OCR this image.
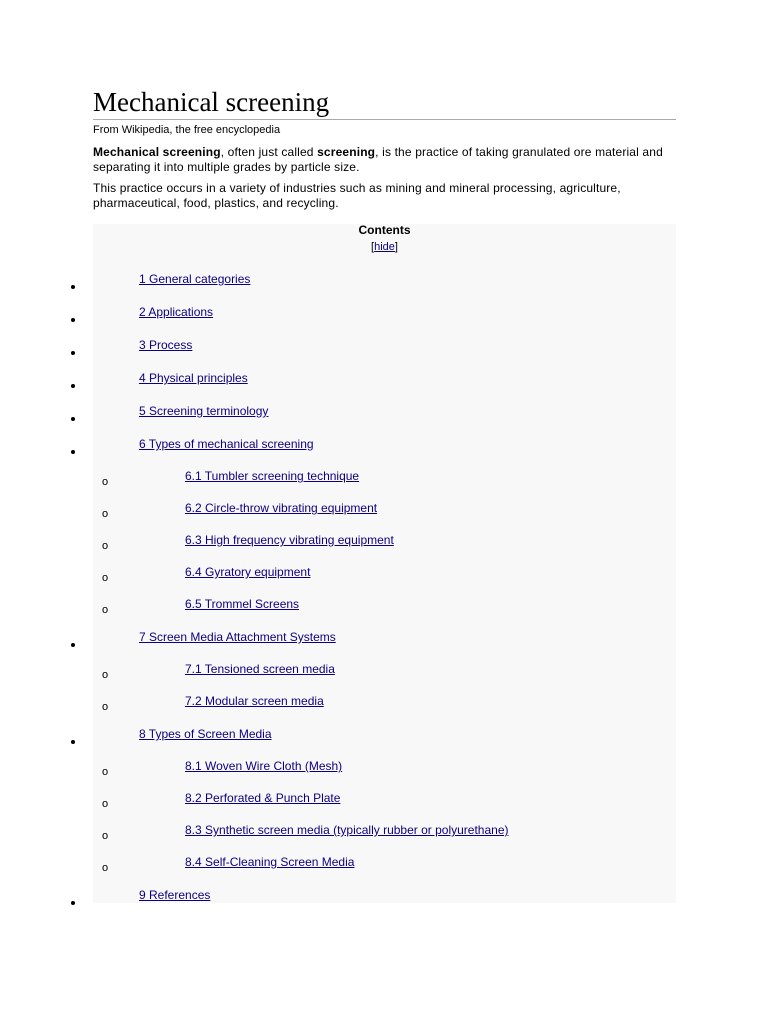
Mechanical screening
From Wikipedia, the free encyclopedia
Mechanical screening, often just called screening, is the practice of taking granulated ore material and separating it into multiple grades by particle size.
This practice occurs in a variety of industries such as mining and mineral processing, agriculture, pharmaceutical, food, plastics, and recycling.
Contents
[hide]
1 General categories
2 Applications
3 Process
4 Physical principles
5 Screening terminology
6 Types of mechanical screening
o	6.1 Tumbler screening technique
o	6.2 Circle-throw vibrating equipment
o	6.3 High frequency vibrating equipment
o	6.4 Gyratory equipment
o	6.5 Trommel Screens
7 Screen Media Attachment Systems
o	7.1 Tensioned screen media
o	7.2 Modular screen media
8 Types of Screen Media
o	8.1 Woven Wire Cloth (Mesh)
o	8.2 Perforated & Punch Plate
o	8.3 Synthetic screen media (typically rubber or polyurethane)
o	8.4 Self-Cleaning Screen Media
9 References
